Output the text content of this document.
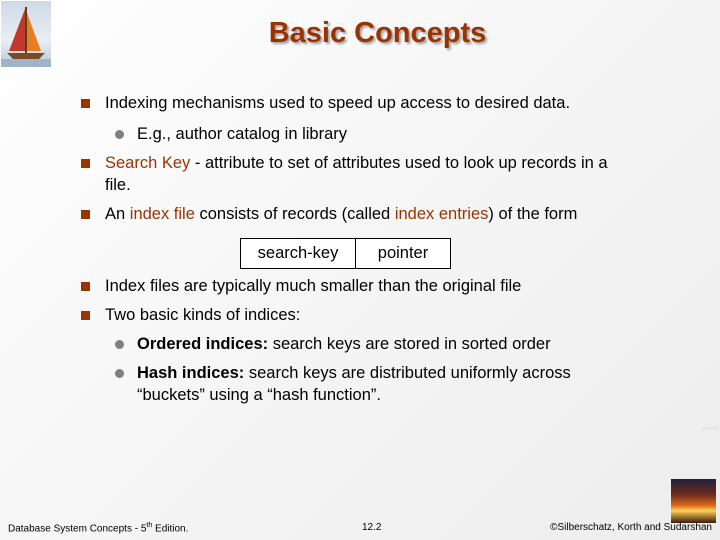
Basic Concepts
Indexing mechanisms used to speed up access to desired data.
E.g., author catalog in library
Search Key - attribute to set of attributes used to look up records in a
file.
An index file consists of records (called index entries) of the form
search-key	pointer
Index files are typically much smaller than the original file
Two basic kinds of indices:
Ordered indices: search keys are stored in sorted order
Hash indices: search keys are distributed uniformly across
“buckets” using a “hash function”.
Database System Concepts - 5th Edition.	12.2	©Silberschatz, Korth and Sudarshan
